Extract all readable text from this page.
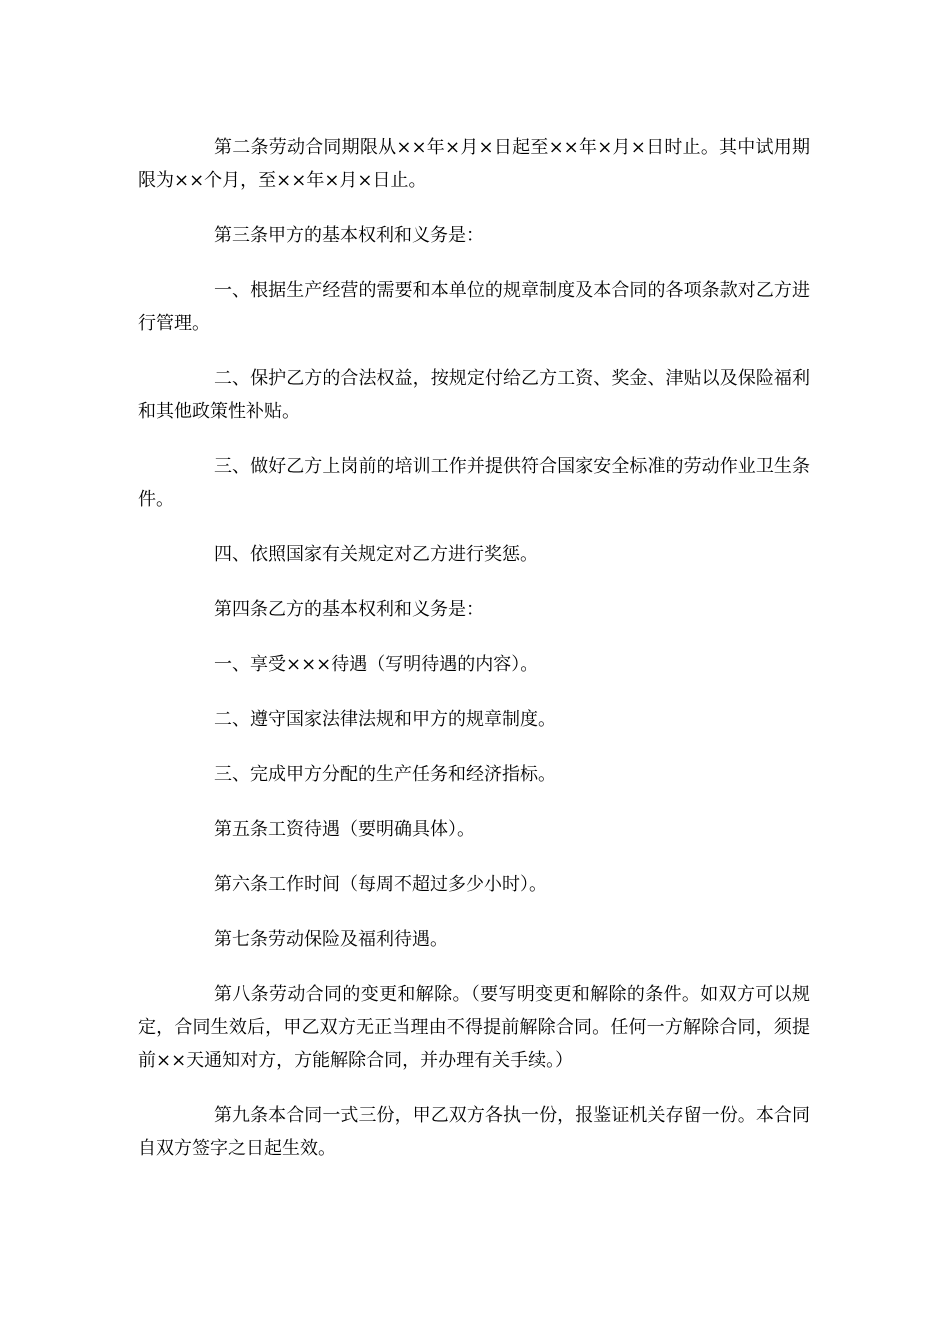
第二条劳动合同期限从××年×月×日起至××年×月×日时止。其中试用期限为××个月，至××年×月×日止。

第三条甲方的基本权利和义务是：

一、根据生产经营的需要和本单位的规章制度及本合同的各项条款对乙方进行管理。

二、保护乙方的合法权益，按规定付给乙方工资、奖金、津贴以及保险福利和其他政策性补贴。

三、做好乙方上岗前的培训工作并提供符合国家安全标准的劳动作业卫生条件。

四、依照国家有关规定对乙方进行奖惩。

第四条乙方的基本权利和义务是：

一、享受×××待遇（写明待遇的内容）。

二、遵守国家法律法规和甲方的规章制度。

三、完成甲方分配的生产任务和经济指标。

第五条工资待遇（要明确具体）。

第六条工作时间（每周不超过多少小时）。

第七条劳动保险及福利待遇。

第八条劳动合同的变更和解除。（要写明变更和解除的条件。如双方可以规定，合同生效后，甲乙双方无正当理由不得提前解除合同。任何一方解除合同，须提前××天通知对方，方能解除合同，并办理有关手续。）

第九条本合同一式三份，甲乙双方各执一份，报鉴证机关存留一份。本合同自双方签字之日起生效。
